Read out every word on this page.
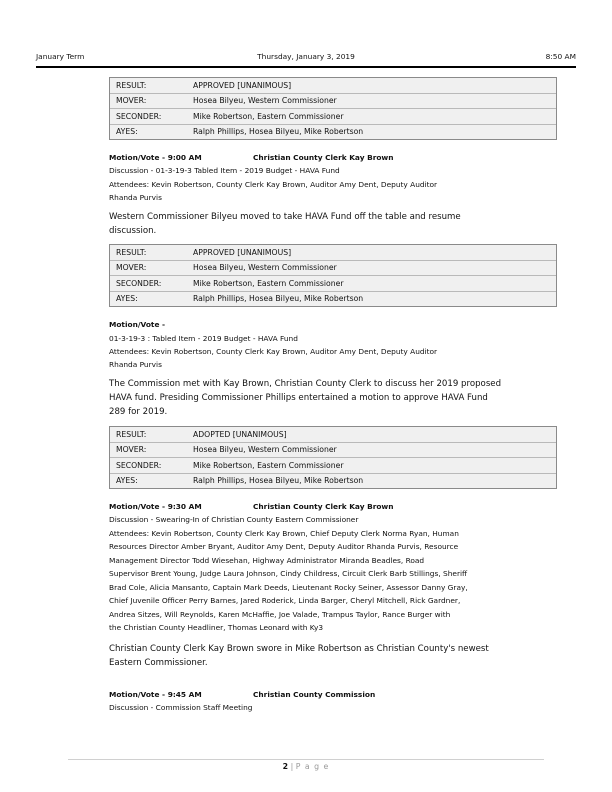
January Term	Thursday, January 3, 2019	8:50 AM
RESULT:	APPROVED [UNANIMOUS]
MOVER:	Hosea Bilyeu, Western Commissioner
SECONDER:	Mike Robertson, Eastern Commissioner
AYES:	Ralph Phillips, Hosea Bilyeu, Mike Robertson
Motion/Vote - 9:00 AM	Christian County Clerk Kay Brown
Discussion - 01-3-19-3 Tabled Item - 2019 Budget - HAVA Fund
Attendees: Kevin Robertson, County Clerk Kay Brown, Auditor Amy Dent, Deputy Auditor
Rhanda Purvis
Western Commissioner Bilyeu moved to take HAVA Fund off the table and resume
discussion.
RESULT:	APPROVED [UNANIMOUS]
MOVER:	Hosea Bilyeu, Western Commissioner
SECONDER:	Mike Robertson, Eastern Commissioner
AYES:	Ralph Phillips, Hosea Bilyeu, Mike Robertson
Motion/Vote -
01-3-19-3 : Tabled Item - 2019 Budget - HAVA Fund
Attendees: Kevin Robertson, County Clerk Kay Brown, Auditor Amy Dent, Deputy Auditor
Rhanda Purvis
The Commission met with Kay Brown, Christian County Clerk to discuss her 2019 proposed
HAVA fund. Presiding Commissioner Phillips entertained a motion to approve HAVA Fund
289 for 2019.
RESULT:	ADOPTED [UNANIMOUS]
MOVER:	Hosea Bilyeu, Western Commissioner
SECONDER:	Mike Robertson, Eastern Commissioner
AYES:	Ralph Phillips, Hosea Bilyeu, Mike Robertson
Motion/Vote - 9:30 AM	Christian County Clerk Kay Brown
Discussion - Swearing-In of Christian County Eastern Commissioner
Attendees: Kevin Robertson, County Clerk Kay Brown, Chief Deputy Clerk Norma Ryan, Human
Resources Director Amber Bryant, Auditor Amy Dent, Deputy Auditor Rhanda Purvis, Resource
Management Director Todd Wiesehan, Highway Administrator Miranda Beadles, Road
Supervisor Brent Young, Judge Laura Johnson, Cindy Childress, Circuit Clerk Barb Stillings, Sheriff
Brad Cole, Alicia Mansanto, Captain Mark Deeds, Lieutenant Rocky Seiner, Assessor Danny Gray,
Chief Juvenile Officer Perry Barnes, Jared Roderick, Linda Barger, Cheryl Mitchell, Rick Gardner,
Andrea Sitzes, Will Reynolds, Karen McHaffie, Joe Valade, Trampus Taylor, Rance Burger with
the Christian County Headliner, Thomas Leonard with Ky3
Christian County Clerk Kay Brown swore in Mike Robertson as Christian County's newest
Eastern Commissioner.
Motion/Vote - 9:45 AM	Christian County Commission
Discussion - Commission Staff Meeting
2 | P a g e
